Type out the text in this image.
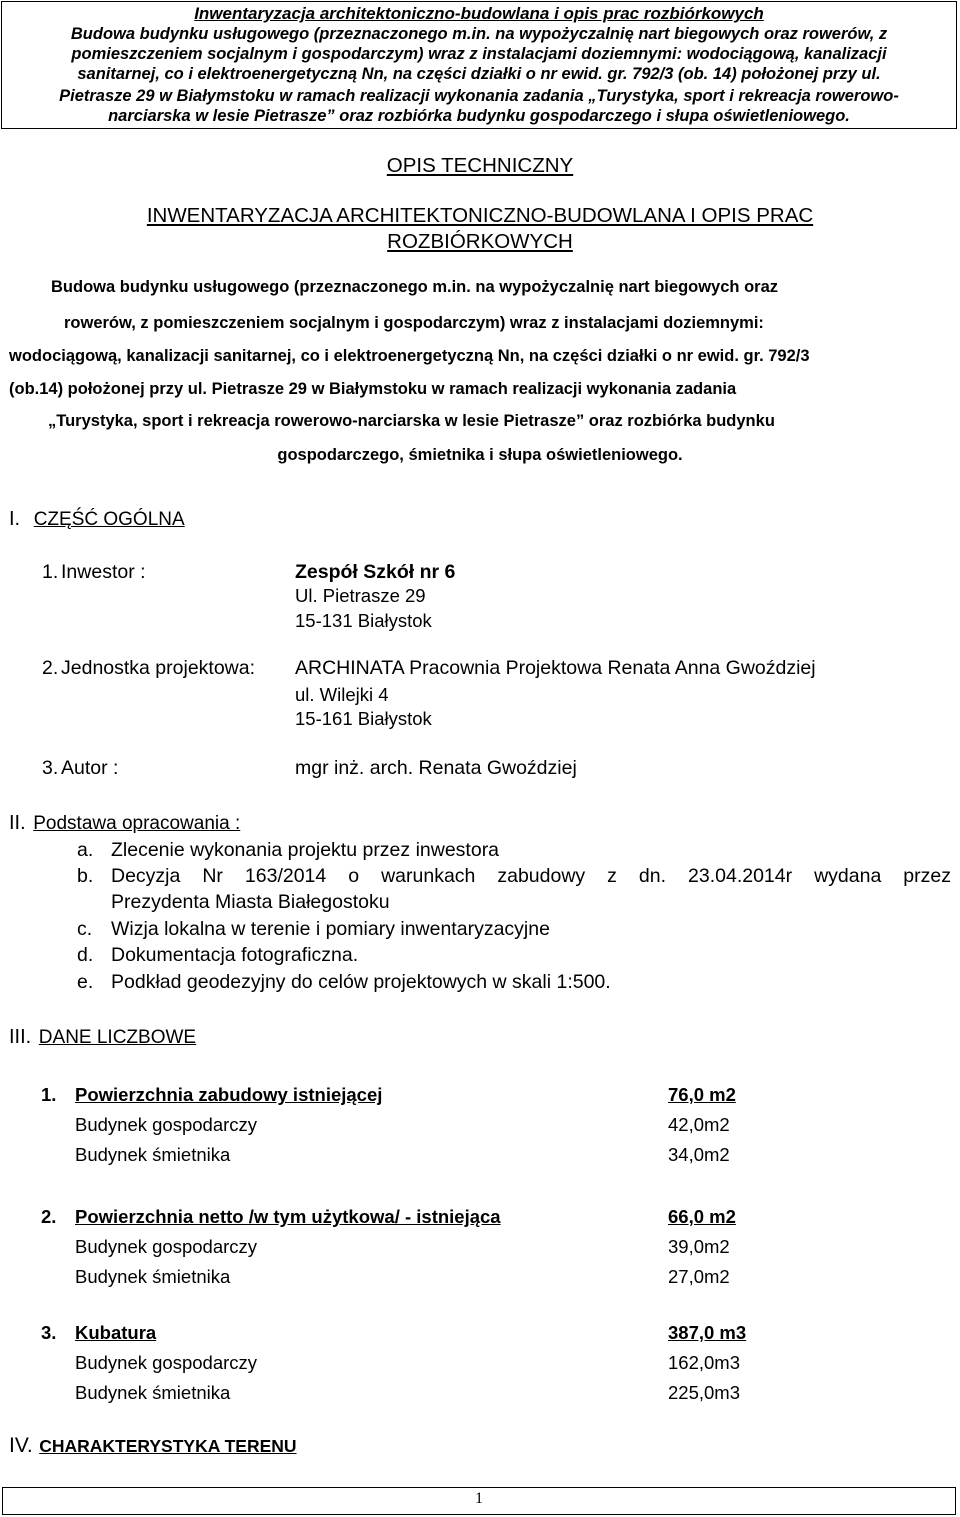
Inwentaryzacja architektoniczno-budowlana i opis prac rozbiórkowych
Budowa budynku usługowego (przeznaczonego m.in. na wypożyczalnię nart biegowych oraz rowerów, z
pomieszczeniem socjalnym i gospodarczym) wraz z instalacjami doziemnymi: wodociągową, kanalizacji
sanitarnej, co i elektroenergetyczną Nn, na części działki o nr ewid. gr. 792/3 (ob. 14) położonej przy ul.
Pietrasze 29 w Białymstoku w ramach realizacji wykonania zadania „Turystyka, sport i rekreacja rowerowo-
narciarska w lesie Pietrasze” oraz rozbiórka budynku gospodarczego i słupa oświetleniowego.
OPIS TECHNICZNY
INWENTARYZACJA ARCHITEKTONICZNO-BUDOWLANA I OPIS PRAC
ROZBIÓRKOWYCH
Budowa budynku usługowego (przeznaczonego m.in. na wypożyczalnię nart biegowych oraz
rowerów, z pomieszczeniem socjalnym i gospodarczym) wraz z instalacjami doziemnymi:
wodociągową, kanalizacji sanitarnej, co i elektroenergetyczną Nn, na części działki o nr ewid. gr. 792/3
(ob.14) położonej przy ul. Pietrasze 29 w Białymstoku w ramach realizacji wykonania zadania
„Turystyka, sport i rekreacja rowerowo-narciarska w lesie Pietrasze” oraz rozbiórka budynku
gospodarczego, śmietnika i słupa oświetleniowego.
I. CZĘŚĆ OGÓLNA
1. Inwestor :	Zespół Szkół nr 6
Ul. Pietrasze 29
15-131 Białystok
2. Jednostka projektowa: ARCHINATA Pracownia Projektowa Renata Anna Gwoździej
ul. Wilejki 4
15-161 Białystok
3. Autor :	mgr inż. arch. Renata Gwoździej
II. Podstawa opracowania :
a. Zlecenie wykonania projektu przez inwestora
b. Decyzja Nr 163/2014 o warunkach zabudowy z dn. 23.04.2014r wydana przez
Prezydenta Miasta Białegostoku
c. Wizja lokalna w terenie i pomiary inwentaryzacyjne
d. Dokumentacja fotograficzna.
e. Podkład geodezyjny do celów projektowych w skali 1:500.
III. DANE LICZBOWE
1. Powierzchnia zabudowy istniejącej	76,0 m2
Budynek gospodarczy	42,0m2
Budynek śmietnika	34,0m2
2. Powierzchnia netto /w tym użytkowa/ - istniejąca	66,0 m2
Budynek gospodarczy	39,0m2
Budynek śmietnika	27,0m2
3. Kubatura	387,0 m3
Budynek gospodarczy	162,0m3
Budynek śmietnika	225,0m3
IV. CHARAKTERYSTYKA TERENU
1
